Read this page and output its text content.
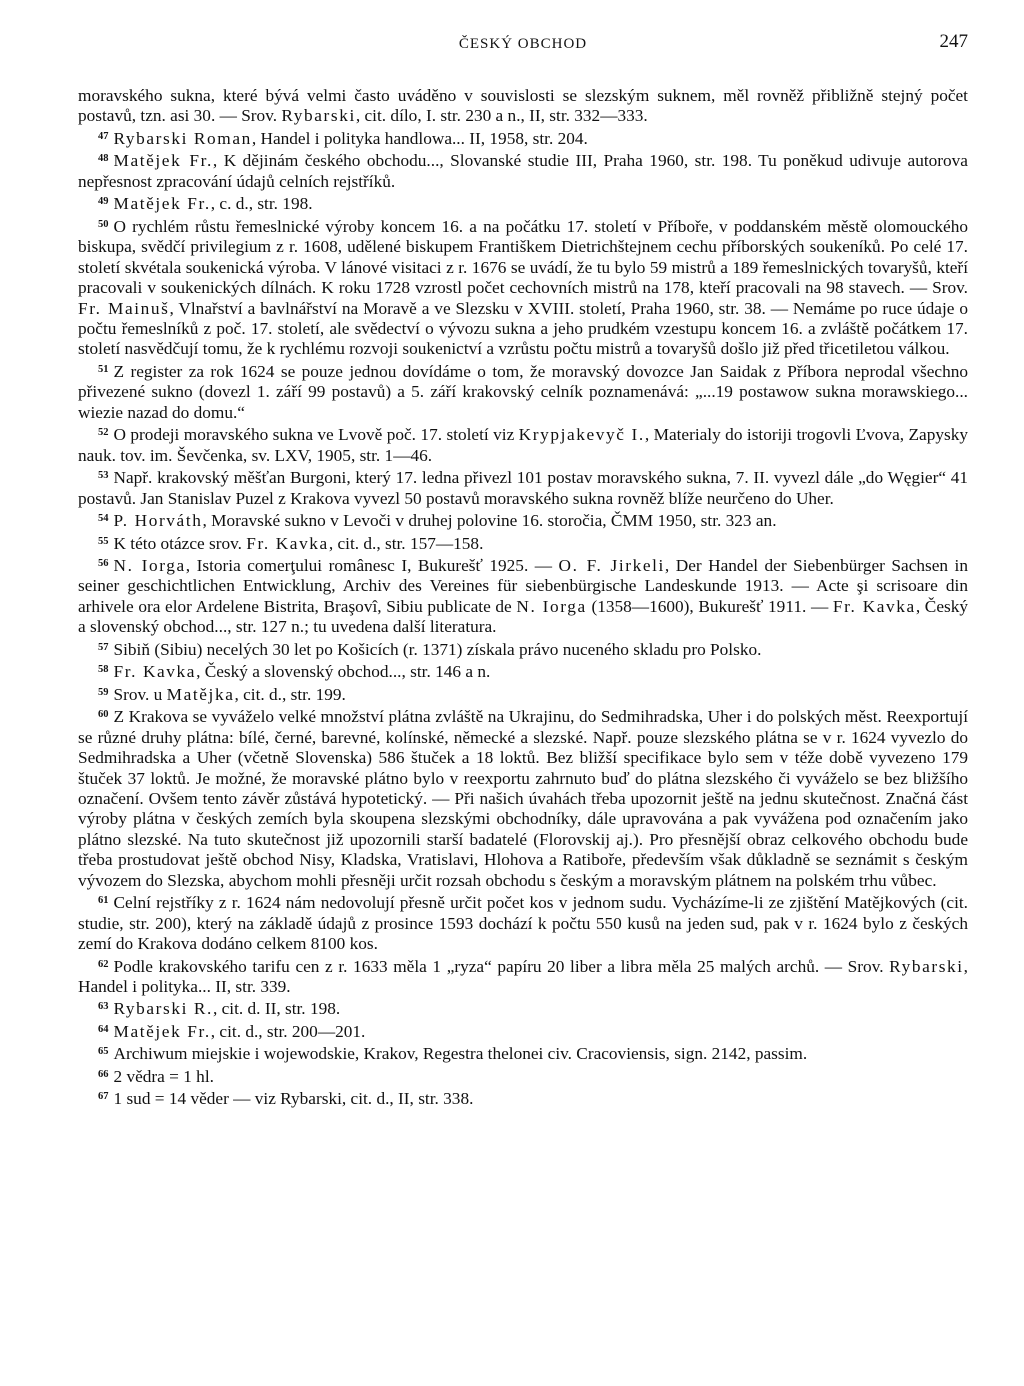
ČESKÝ OBCHOD	247

moravského sukna, které bývá velmi často uváděno v souvislosti se slezským suknem, měl rovněž přibližně stejný počet postavů, tzn. asi 30. — Srov. Rybarski, cit. dílo, I. str. 230 a n., II, str. 332—333.

$^{47}$ Rybarski Roman, Handel i polityka handlowa... II, 1958, str. 204.

$^{48}$ Matějek Fr., K dějinám českého obchodu..., Slovanské studie III, Praha 1960, str. 198. Tu poněkud udivuje autorova nepřesnost zpracování údajů celních rejstříků.

$^{49}$ Matějek Fr., c. d., str. 198.

$^{50}$ O rychlém růstu řemeslnické výroby koncem 16. a na počátku 17. století v Příboře, v poddanském městě olomouckého biskupa, svědčí privilegium z r. 1608, udělené biskupem Františkem Dietrichštejnem cechu příborských soukeníků. Po celé 17. století skvétala soukenická výroba. V lánové visitaci z r. 1676 se uvádí, že tu bylo 59 mistrů a 189 řemeslnických tovaryšů, kteří pracovali v soukenických dílnách. K roku 1728 vzrostl počet cechovních mistrů na 178, kteří pracovali na 98 stavech. — Srov. Fr. Mainuš, Vlnařství a bavlnářství na Moravě a ve Slezsku v XVIII. století, Praha 1960, str. 38. — Nemáme po ruce údaje o počtu řemeslníků z poč. 17. století, ale svědectví o vývozu sukna a jeho prudkém vzestupu koncem 16. a zvláště počátkem 17. století nasvědčují tomu, že k rychlému rozvoji soukenictví a vzrůstu počtu mistrů a tovaryšů došlo již před třicetiletou válkou.

$^{51}$ Z register za rok 1624 se pouze jednou dovídáme o tom, že moravský dovozce Jan Saidak z Příbora neprodal všechno přivezené sukno (dovezl 1. září 99 postavů) a 5. září krakovský celník poznamenává: „...19 postawow sukna morawskiego... wiezie nazad do domu.“

$^{52}$ O prodeji moravského sukna ve Lvově poč. 17. století viz Krypjakevyč I., Materialy do istoriji trogovli Ľvova, Zapysky nauk. tov. im. Ševčenka, sv. LXV, 1905, str. 1—46.

$^{53}$ Např. krakovský měšťan Burgoni, který 17. ledna přivezl 101 postav moravského sukna, 7. II. vyvezl dále „do Węgier“ 41 postavů. Jan Stanislav Puzel z Krakova vyvezl 50 postavů moravského sukna rovněž blíže neurčeno do Uher.

$^{54}$ P. Horváth, Moravské sukno v Levoči v druhej polovine 16. storočia, ČMM 1950, str. 323 an.

$^{55}$ K této otázce srov. Fr. Kavka, cit. d., str. 157—158.

$^{56}$ N. Iorga, Istoria comerţului românesc I, Bukurešť 1925. — O. F. Jirkeli, Der Handel der Siebenbürger Sachsen in seiner geschichtlichen Entwicklung, Archiv des Vereines für siebenbürgische Landeskunde 1913. — Acte şi scrisoare din arhivele ora elor Ardelene Bistrita, Braşovî, Sibiu publicate de N. Iorga (1358—1600), Bukurešť 1911. — Fr. Kavka, Český a slovenský obchod..., str. 127 n.; tu uvedena další literatura.

$^{57}$ Sibiň (Sibiu) necelých 30 let po Košicích (r. 1371) získala právo nuceného skladu pro Polsko.

$^{58}$ Fr. Kavka, Český a slovenský obchod..., str. 146 a n.

$^{59}$ Srov. u Matějka, cit. d., str. 199.

$^{60}$ Z Krakova se vyváželo velké množství plátna zvláště na Ukrajinu, do Sedmihradska, Uher i do polských měst. Reexportují se různé druhy plátna: bílé, černé, barevné, kolínské, německé a slezské. Např. pouze slezského plátna se v r. 1624 vyvezlo do Sedmihradska a Uher (včetně Slovenska) 586 štuček a 18 loktů. Bez bližší specifikace bylo sem v téže době vyvezeno 179 štuček 37 loktů. Je možné, že moravské plátno bylo v reexportu zahrnuto buď do plátna slezského či vyváželo se bez bližšího označení. Ovšem tento závěr zůstává hypotetický. — Při našich úvahách třeba upozornit ještě na jednu skutečnost. Značná část výroby plátna v českých zemích byla skoupena slezskými obchodníky, dále upravována a pak vyvážena pod označením jako plátno slezské. Na tuto skutečnost již upozornili starší badatelé (Florovskij aj.). Pro přesnější obraz celkového obchodu bude třeba prostudovat ještě obchod Nisy, Kladska, Vratislavi, Hlohova a Ratiboře, především však důkladně se seznámit s českým vývozem do Slezska, abychom mohli přesněji určit rozsah obchodu s českým a moravským plátnem na polském trhu vůbec.

$^{61}$ Celní rejstříky z r. 1624 nám nedovolují přesně určit počet kos v jednom sudu. Vycházíme-li ze zjištění Matějkových (cit. studie, str. 200), který na základě údajů z prosince 1593 dochází k počtu 550 kusů na jeden sud, pak v r. 1624 bylo z českých zemí do Krakova dodáno celkem 8100 kos.

$^{62}$ Podle krakovského tarifu cen z r. 1633 měla 1 „ryza“ papíru 20 liber a libra měla 25 malých archů. — Srov. Rybarski, Handel i polityka... II, str. 339.

$^{63}$ Rybarski R., cit. d. II, str. 198.

$^{64}$ Matějek Fr., cit. d., str. 200—201.

$^{65}$ Archiwum miejskie i wojewodskie, Krakov, Regestra thelonei civ. Cracoviensis, sign. 2142, passim.

$^{66}$ 2 vědra = 1 hl.

$^{67}$ 1 sud = 14 věder — viz Rybarski, cit. d., II, str. 338.
